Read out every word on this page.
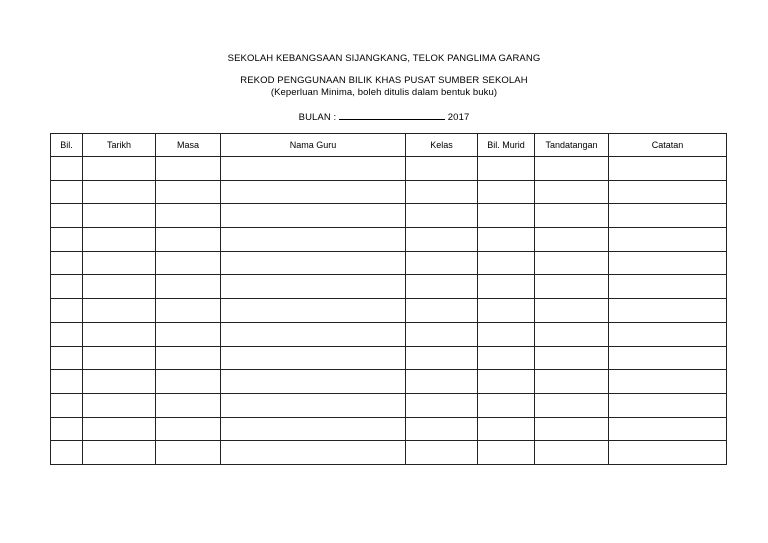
SEKOLAH KEBANGSAAN SIJANGKANG, TELOK PANGLIMA GARANG
REKOD PENGGUNAAN BILIK KHAS PUSAT SUMBER SEKOLAH
(Keperluan Minima, boleh ditulis dalam bentuk buku)
BULAN :	2017
Bil.	Tarikh	Masa	Nama Guru	Kelas	Bil. Murid	Tandatangan	Catatan
